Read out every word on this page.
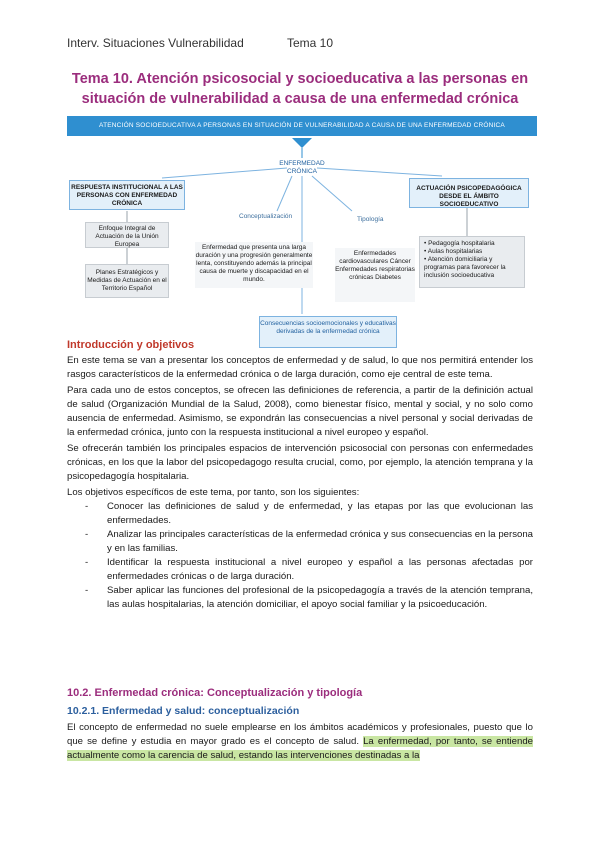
Interv. Situaciones Vulnerabilidad	Tema 10
Tema 10. Atención psicosocial y socioeducativa a las personas en situación de vulnerabilidad a causa de una enfermedad crónica
ATENCIÓN SOCIOEDUCATIVA A PERSONAS EN SITUACIÓN DE VULNERABILIDAD A CAUSA DE UNA ENFERMEDAD CRÓNICA
ENFERMEDAD CRÓNICA
RESPUESTA INSTITUCIONAL A LAS PERSONAS CON ENFERMEDAD CRÓNICA
Enfoque Integral de Actuación de la Unión Europea
Planes Estratégicos y Medidas de Actuación en el Territorio Español
Conceptualización
Enfermedad que presenta una larga duración y una progresión generalmente lenta, constituyendo además la principal causa de muerte y discapacidad en el mundo.
Tipología
Enfermedades cardiovasculares Cáncer Enfermedades respiratorias crónicas Diabetes
ACTUACIÓN PSICOPEDAGÓGICA DESDE EL ÁMBITO SOCIOEDUCATIVO
• Pedagogía hospitalaria
• Aulas hospitalarias
• Atención domiciliaria y programas para favorecer la inclusión socioeducativa
Consecuencias socioemocionales y educativas derivadas de la enfermedad crónica
Introducción y objetivos

En este tema se van a presentar los conceptos de enfermedad y de salud, lo que nos permitirá entender los rasgos característicos de la enfermedad crónica o de larga duración, como eje central de este tema.

Para cada uno de estos conceptos, se ofrecen las definiciones de referencia, a partir de la definición actual de salud (Organización Mundial de la Salud, 2008), como bienestar físico, mental y social, y no solo como ausencia de enfermedad. Asimismo, se expondrán las consecuencias a nivel personal y social derivadas de la enfermedad crónica, junto con la respuesta institucional a nivel europeo y español.

Se ofrecerán también los principales espacios de intervención psicosocial con personas con enfermedades crónicas, en los que la labor del psicopedagogo resulta crucial, como, por ejemplo, la atención temprana y la psicopedagogía hospitalaria.

Los objetivos específicos de este tema, por tanto, son los siguientes:

- Conocer las definiciones de salud y de enfermedad, y las etapas por las que evolucionan las enfermedades.
- Analizar las principales características de la enfermedad crónica y sus consecuencias en la persona y en las familias.
- Identificar la respuesta institucional a nivel europeo y español a las personas afectadas por enfermedades crónicas o de larga duración.
- Saber aplicar las funciones del profesional de la psicopedagogía a través de la atención temprana, las aulas hospitalarias, la atención domiciliar, el apoyo social familiar y la psicoeducación.
10.2. Enfermedad crónica: Conceptualización y tipología
10.2.1. Enfermedad y salud: conceptualización

El concepto de enfermedad no suele emplearse en los ámbitos académicos y profesionales, puesto que lo que se define y estudia en mayor grado es el concepto de salud. La enfermedad, por tanto, se entiende actualmente como la carencia de salud, estando las intervenciones destinadas a la
